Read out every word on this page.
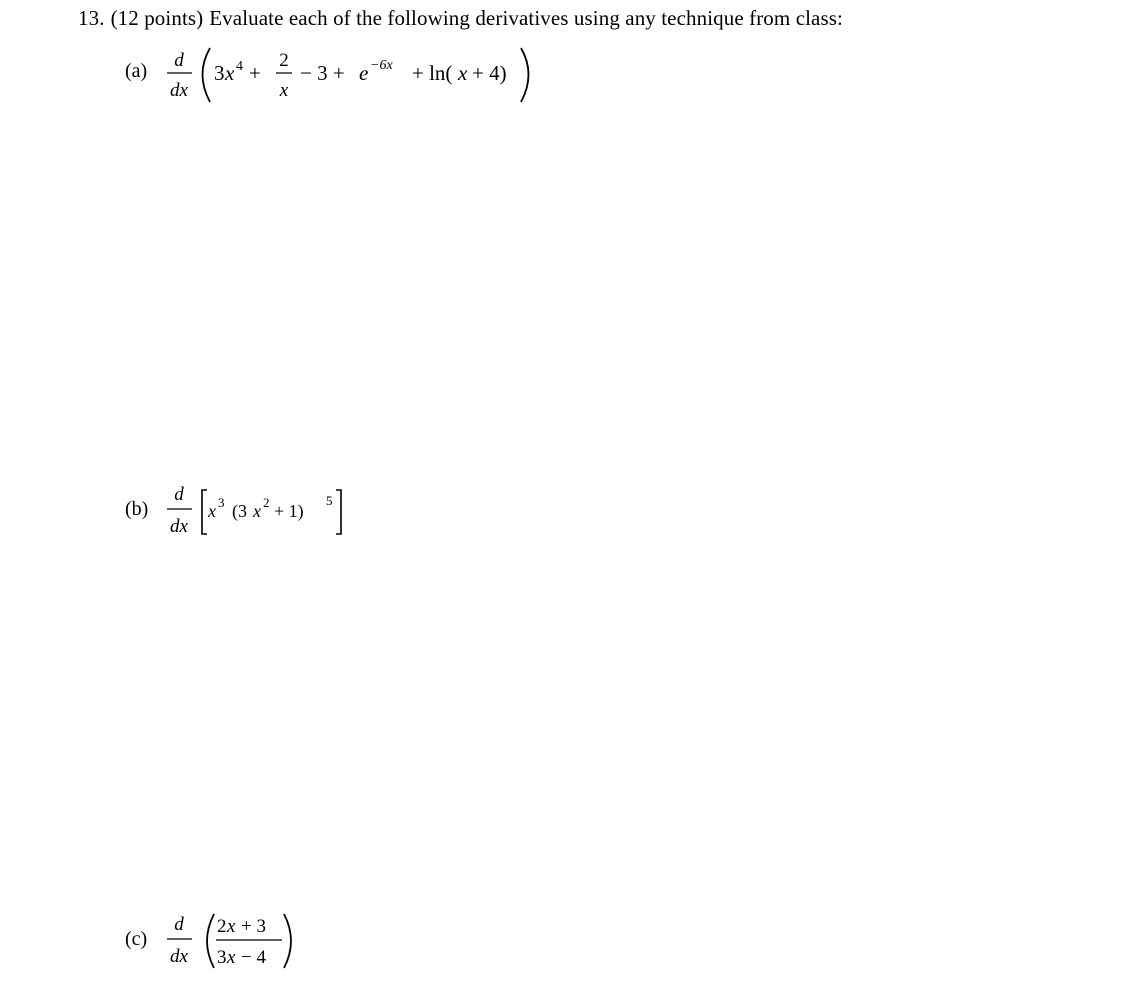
13. (12 points) Evaluate each of the following derivatives using any technique from class:
(a) d
dx
3 x 4 +
2
x
− 3 + e −6x + ln( x + 4)
(b)
d
dx
x 3 (3 x 2 + 1)
5
(c)
d
dx
2 x + 3
3 x − 4
